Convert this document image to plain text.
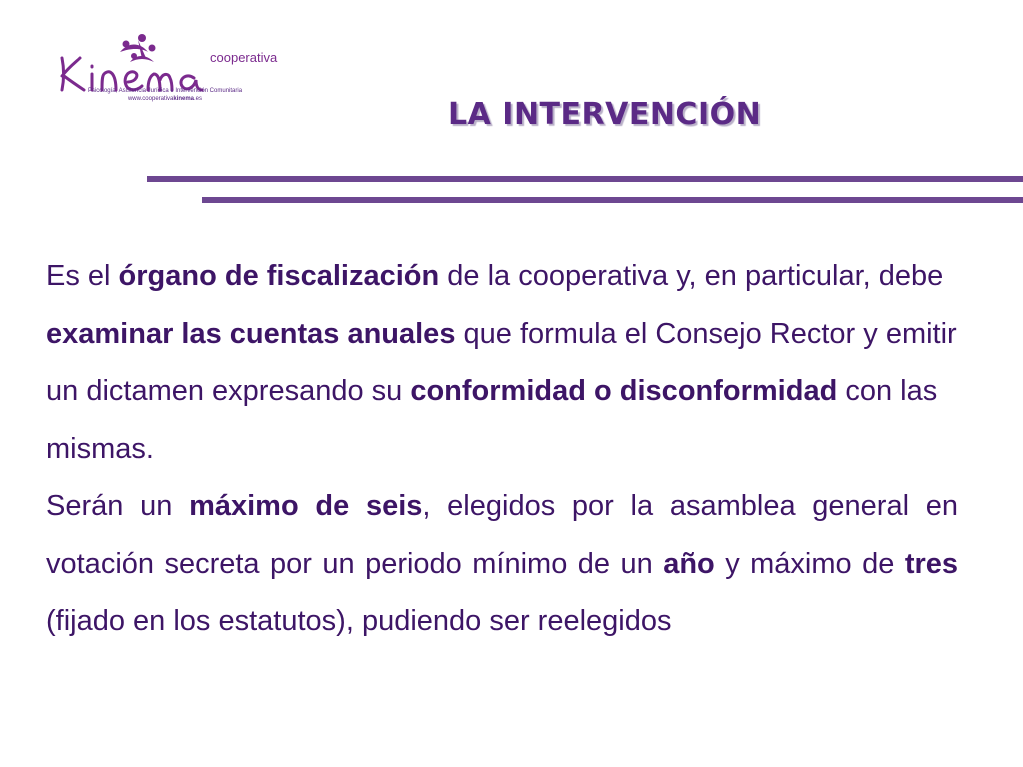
cooperativa
Psicología, Asistencia Jurídica e Intervención Comunitaria
www.cooperativakinema.es	LA INTERVENCIÓN

Es el órgano de fiscalización de la cooperativa y, en particular, debe examinar las cuentas anuales que formula el Consejo Rector y emitir un dictamen expresando su conformidad o disconformidad con las mismas.

Serán un máximo de seis, elegidos por la asamblea general en votación secreta por un periodo mínimo de un año y máximo de tres (fijado en los estatutos), pudiendo ser reelegidos
